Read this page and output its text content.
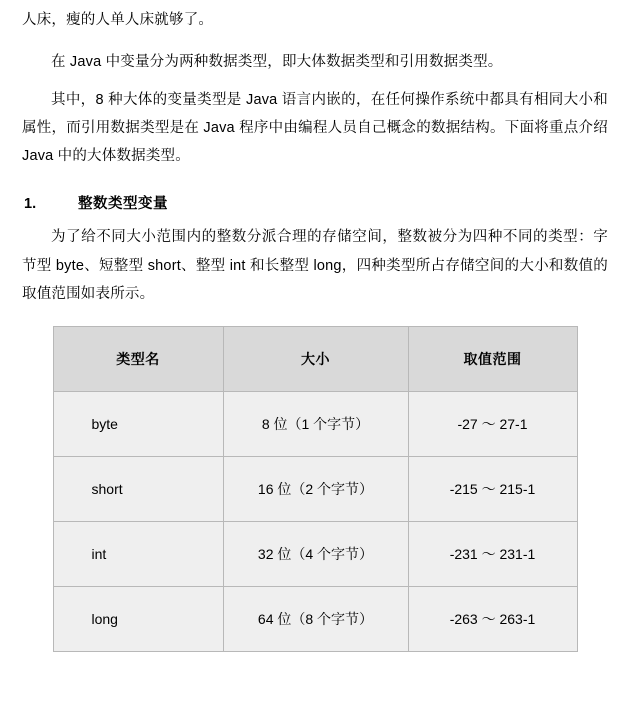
人床，瘦的人单人床就够了。

在 Java 中变量分为两种数据类型，即大体数据类型和引用数据类型。

其中，8 种大体的变量类型是 Java 语言内嵌的，在任何操作系统中都具有相同大小和属性，而引用数据类型是在 Java 程序中由编程人员自己概念的数据结构。下面将重点介绍 Java 中的大体数据类型。

1.	整数类型变量

为了给不同大小范围内的整数分派合理的存储空间，整数被分为四种不同的类型：字节型 byte、短整型 short、整型 int 和长整型 long，四种类型所占存储空间的大小和数值的取值范围如表所示。

类型名	大小	取值范围
byte	8 位（1 个字节）	-27 ～ 27-1
short	16 位（2 个字节）	-215 ～ 215-1
int	32 位（4 个字节）	-231 ～ 231-1
long	64 位（8 个字节）	-263 ～ 263-1
